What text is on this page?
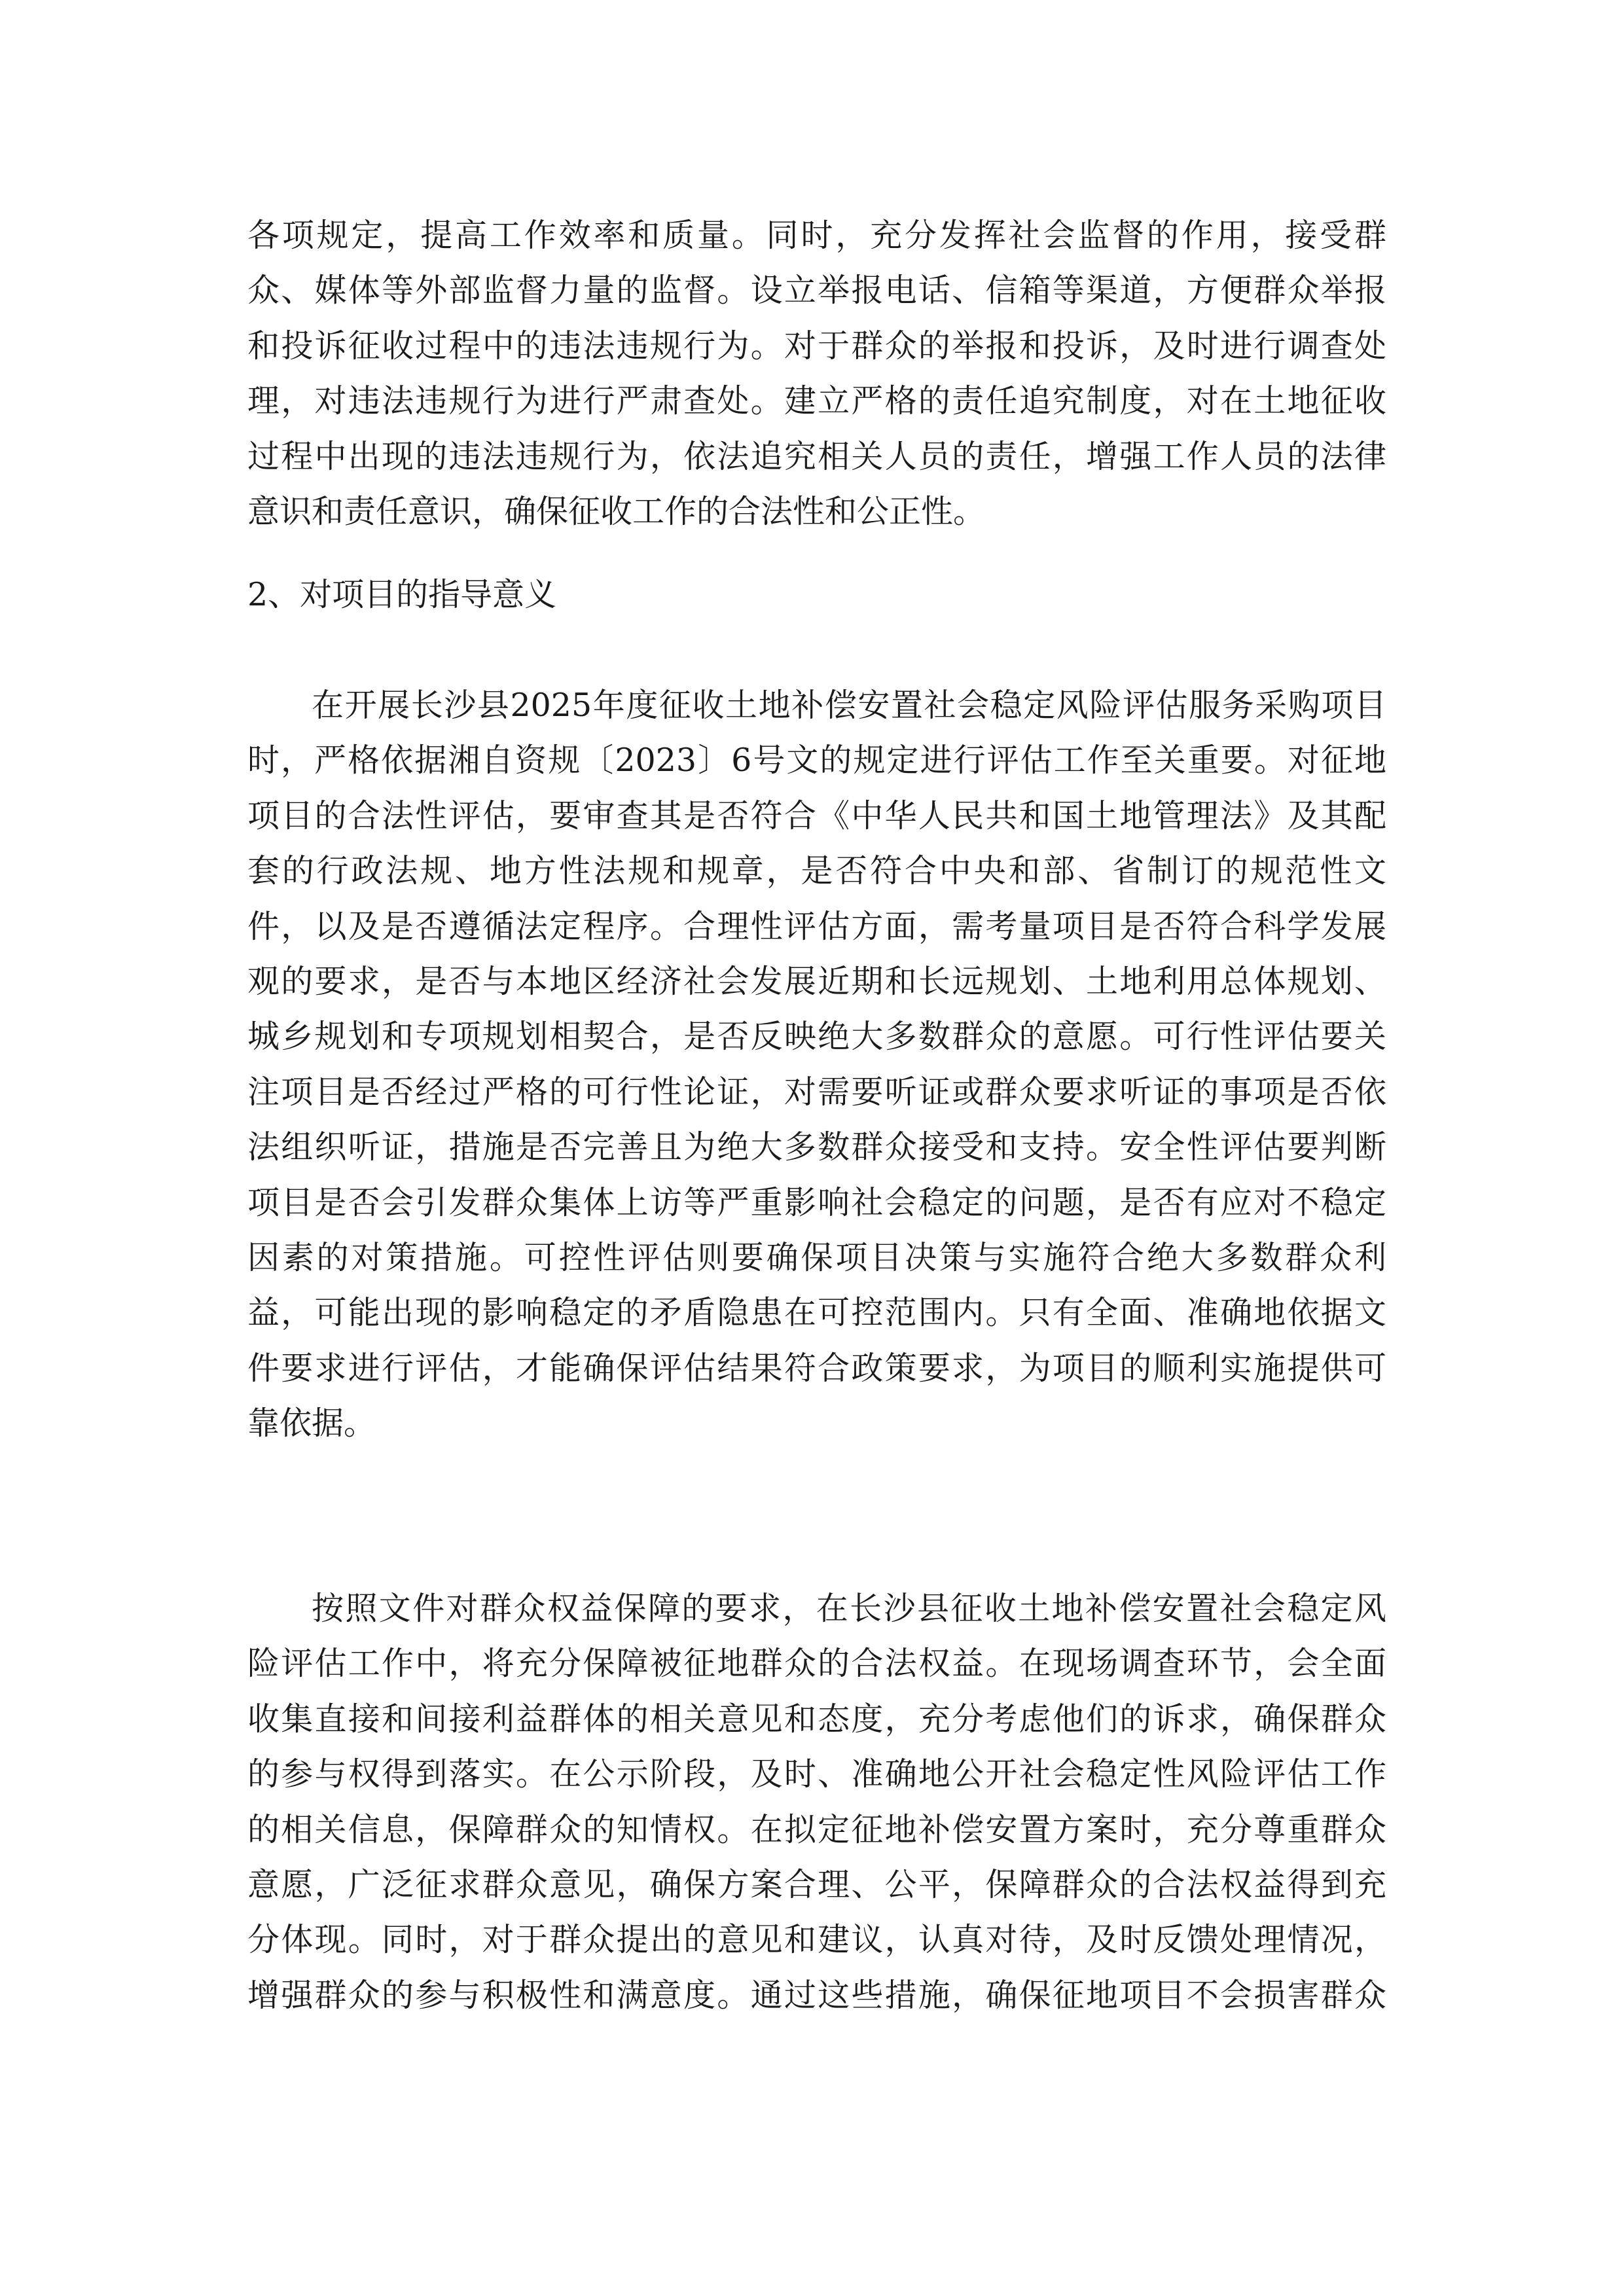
各项规定，提高工作效率和质量。同时，充分发挥社会监督的作用，接受群
众、媒体等外部监督力量的监督。设立举报电话、信箱等渠道，方便群众举报
和投诉征收过程中的违法违规行为。对于群众的举报和投诉，及时进行调查处
理，对违法违规行为进行严肃查处。建立严格的责任追究制度，对在土地征收
过程中出现的违法违规行为，依法追究相关人员的责任，增强工作人员的法律
意识和责任意识，确保征收工作的合法性和公正性。
2、对项目的指导意义
在开展长沙县2025年度征收土地补偿安置社会稳定风险评估服务采购项目
时，严格依据湘自资规〔2023〕6号文的规定进行评估工作至关重要。对征地
项目的合法性评估，要审查其是否符合《中华人民共和国土地管理法》及其配
套的行政法规、地方性法规和规章，是否符合中央和部、省制订的规范性文
件，以及是否遵循法定程序。合理性评估方面，需考量项目是否符合科学发展
观的要求，是否与本地区经济社会发展近期和长远规划、土地利用总体规划、
城乡规划和专项规划相契合，是否反映绝大多数群众的意愿。可行性评估要关
注项目是否经过严格的可行性论证，对需要听证或群众要求听证的事项是否依
法组织听证，措施是否完善且为绝大多数群众接受和支持。安全性评估要判断
项目是否会引发群众集体上访等严重影响社会稳定的问题，是否有应对不稳定
因素的对策措施。可控性评估则要确保项目决策与实施符合绝大多数群众利
益，可能出现的影响稳定的矛盾隐患在可控范围内。只有全面、准确地依据文
件要求进行评估，才能确保评估结果符合政策要求，为项目的顺利实施提供可
靠依据。
按照文件对群众权益保障的要求，在长沙县征收土地补偿安置社会稳定风
险评估工作中，将充分保障被征地群众的合法权益。在现场调查环节，会全面
收集直接和间接利益群体的相关意见和态度，充分考虑他们的诉求，确保群众
的参与权得到落实。在公示阶段，及时、准确地公开社会稳定性风险评估工作
的相关信息，保障群众的知情权。在拟定征地补偿安置方案时，充分尊重群众
意愿，广泛征求群众意见，确保方案合理、公平，保障群众的合法权益得到充
分体现。同时，对于群众提出的意见和建议，认真对待，及时反馈处理情况，
增强群众的参与积极性和满意度。通过这些措施，确保征地项目不会损害群众
